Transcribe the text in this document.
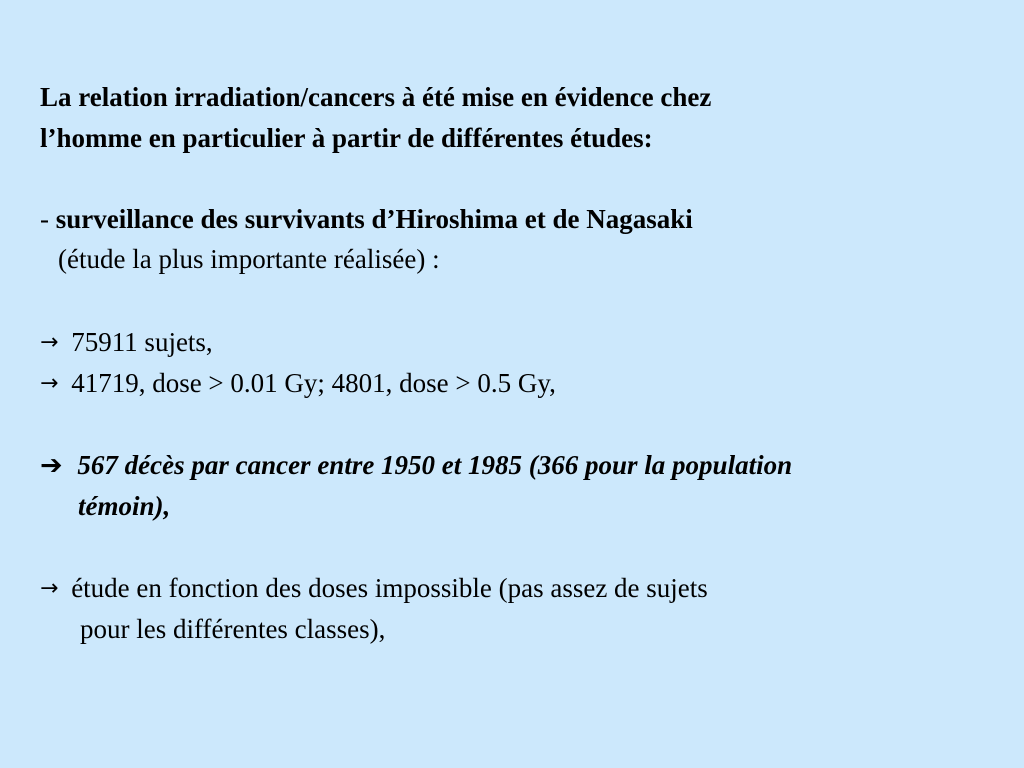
La relation irradiation/cancers à été mise en évidence chez
l’homme en particulier à partir de différentes études:
- surveillance des survivants d’Hiroshima et de Nagasaki
(étude la plus importante réalisée) :
→ 75911 sujets,
→ 41719, dose > 0.01 Gy; 4801, dose > 0.5 Gy,
➔ 567 décès par cancer entre 1950 et 1985 (366 pour la population
témoin),
→ étude en fonction des doses impossible (pas assez de sujets
pour les différentes classes),
